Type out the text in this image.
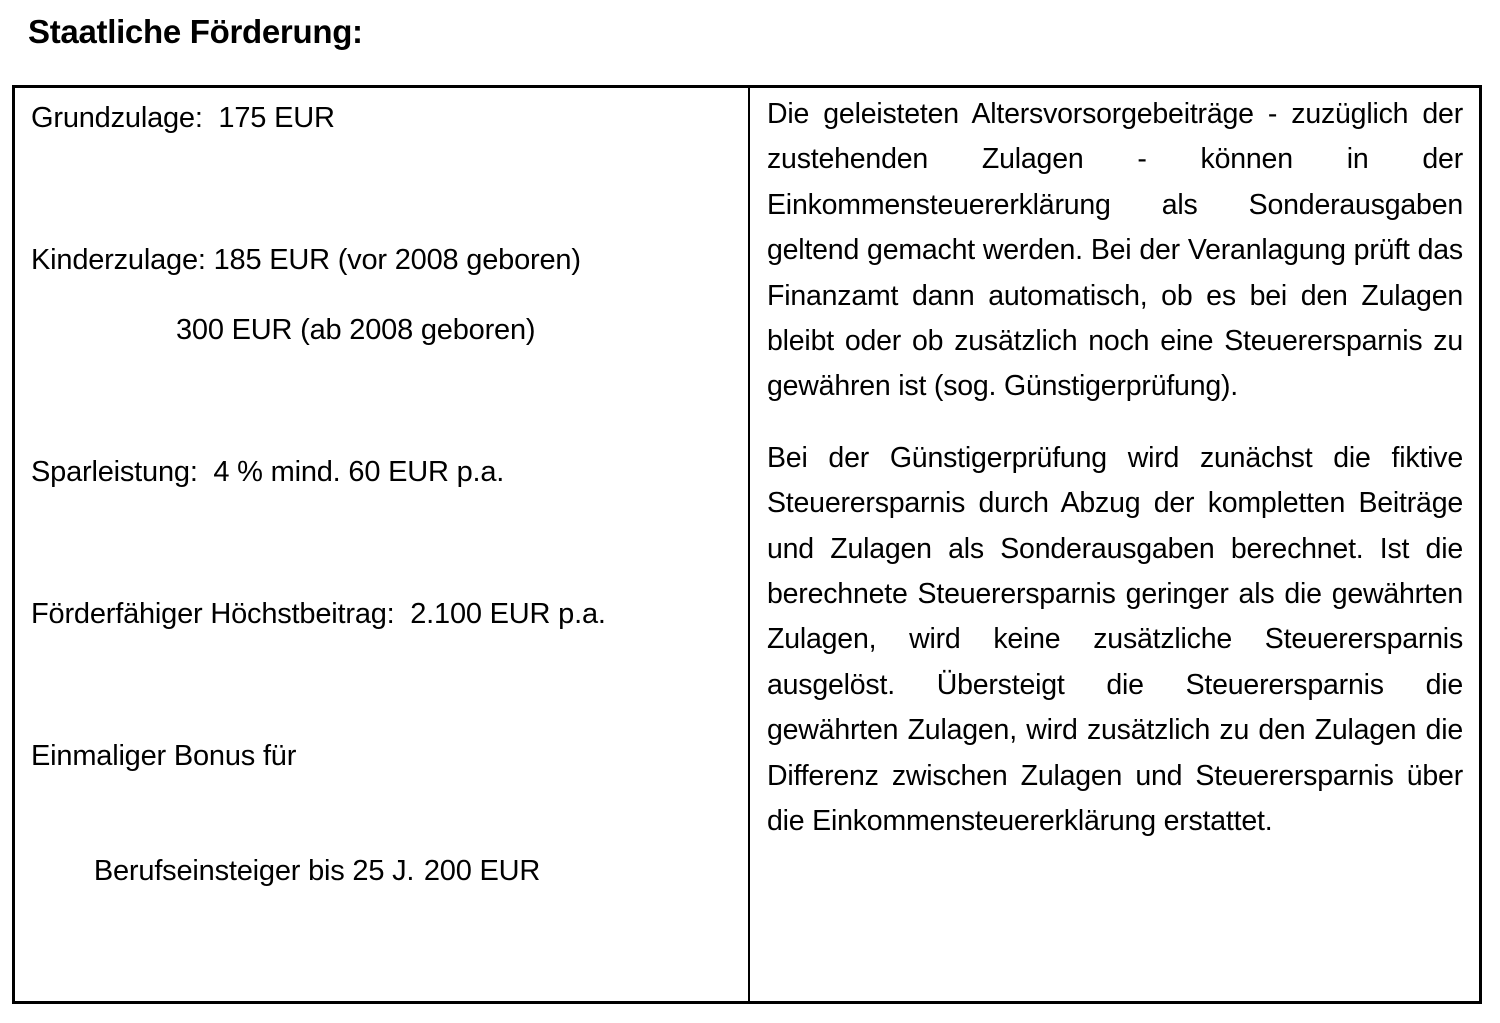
Staatliche Förderung:

Grundzulage:  175 EUR

Kinderzulage: 185 EUR (vor 2008 geboren)

300 EUR (ab 2008 geboren)

Sparleistung:  4 % mind. 60 EUR p.a.

Förderfähiger Höchstbeitrag:  2.100 EUR p.a.

Einmaliger Bonus für

Berufseinsteiger bis 25 J. 200 EUR

Die geleisteten Altersvorsorgebeiträge - zuzüglich der zustehenden Zulagen - können in der Einkommensteuererklärung als Sonderausgaben geltend gemacht werden. Bei der Veranlagung prüft das Finanzamt dann automatisch, ob es bei den Zulagen bleibt oder ob zusätzlich noch eine Steuerersparnis zu gewähren ist (sog. Günstigerprüfung).

Bei der Günstigerprüfung wird zunächst die fiktive Steuerersparnis durch Abzug der kompletten Beiträge und Zulagen als Sonderausgaben berechnet. Ist die berechnete Steuerersparnis geringer als die gewährten Zulagen, wird keine zusätzliche Steuerersparnis ausgelöst. Übersteigt die Steuerersparnis die gewährten Zulagen, wird zusätzlich zu den Zulagen die Differenz zwischen Zulagen und Steuerersparnis über die Einkommensteuererklärung erstattet.
